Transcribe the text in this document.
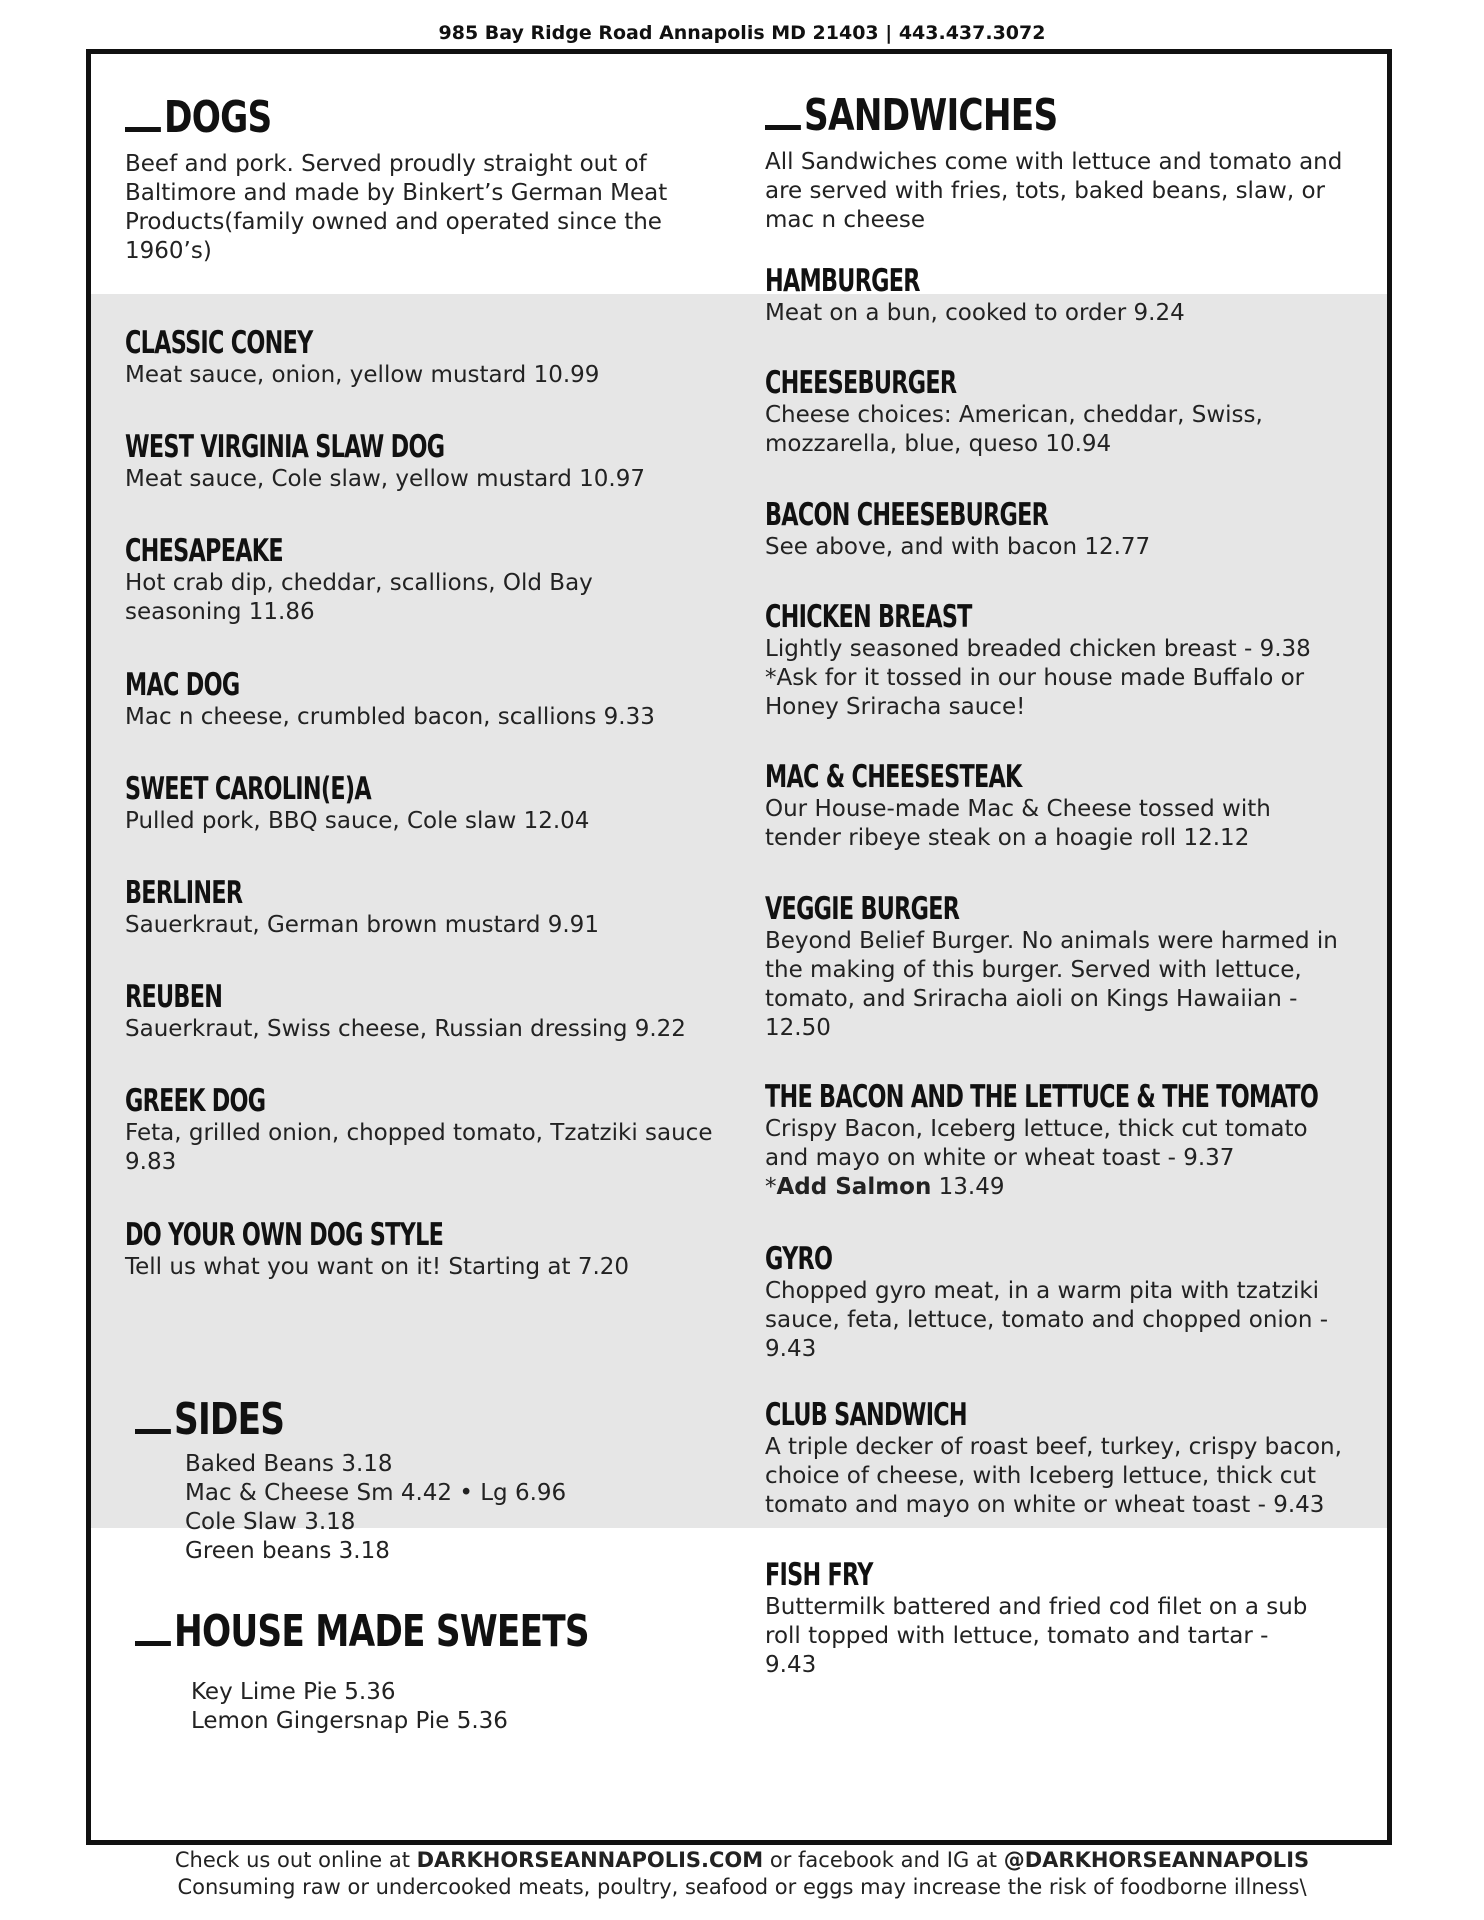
985 Bay Ridge Road Annapolis MD 21403 | 443.437.3072
DOGS
Beef and pork. Served proudly straight out of Baltimore and made by Binkert’s German Meat Products(family owned and operated since the 1960’s)
CLASSIC CONEY
Meat sauce, onion, yellow mustard 10.99
WEST VIRGINIA SLAW DOG
Meat sauce, Cole slaw, yellow mustard 10.97
CHESAPEAKE
Hot crab dip, cheddar, scallions, Old Bay seasoning 11.86
MAC DOG
Mac n cheese, crumbled bacon, scallions 9.33
SWEET CAROLIN(E)A
Pulled pork, BBQ sauce, Cole slaw 12.04
BERLINER
Sauerkraut, German brown mustard 9.91
REUBEN
Sauerkraut, Swiss cheese, Russian dressing 9.22
GREEK DOG
Feta, grilled onion, chopped tomato, Tzatziki sauce 9.83
DO YOUR OWN DOG STYLE
Tell us what you want on it! Starting at 7.20
SIDES
Baked Beans 3.18
Mac & Cheese Sm 4.42 • Lg 6.96
Cole Slaw 3.18
Green beans 3.18
HOUSE MADE SWEETS
Key Lime Pie 5.36
Lemon Gingersnap Pie 5.36
SANDWICHES
All Sandwiches come with lettuce and tomato and are served with fries, tots, baked beans, slaw, or mac n cheese
HAMBURGER
Meat on a bun, cooked to order 9.24
CHEESEBURGER
Cheese choices: American, cheddar, Swiss, mozzarella, blue, queso 10.94
BACON CHEESEBURGER
See above, and with bacon 12.77
CHICKEN BREAST
Lightly seasoned breaded chicken breast - 9.38 *Ask for it tossed in our house made Buffalo or Honey Sriracha sauce!
MAC & CHEESESTEAK
Our House-made Mac & Cheese tossed with tender ribeye steak on a hoagie roll 12.12
VEGGIE BURGER
Beyond Belief Burger. No animals were harmed in the making of this burger. Served with lettuce, tomato, and Sriracha aioli on Kings Hawaiian - 12.50
THE BACON AND THE LETTUCE & THE TOMATO
Crispy Bacon, Iceberg lettuce, thick cut tomato and mayo on white or wheat toast - 9.37
*Add Salmon 13.49
GYRO
Chopped gyro meat, in a warm pita with tzatziki sauce, feta, lettuce, tomato and chopped onion - 9.43
CLUB SANDWICH
A triple decker of roast beef, turkey, crispy bacon, choice of cheese, with Iceberg lettuce, thick cut tomato and mayo on white or wheat toast - 9.43
FISH FRY
Buttermilk battered and fried cod filet on a sub roll topped with lettuce, tomato and tartar - 9.43
Check us out online at DARKHORSEANNAPOLIS.COM or facebook and IG at @DARKHORSEANNAPOLIS
Consuming raw or undercooked meats, poultry, seafood or eggs may increase the risk of foodborne illness\
